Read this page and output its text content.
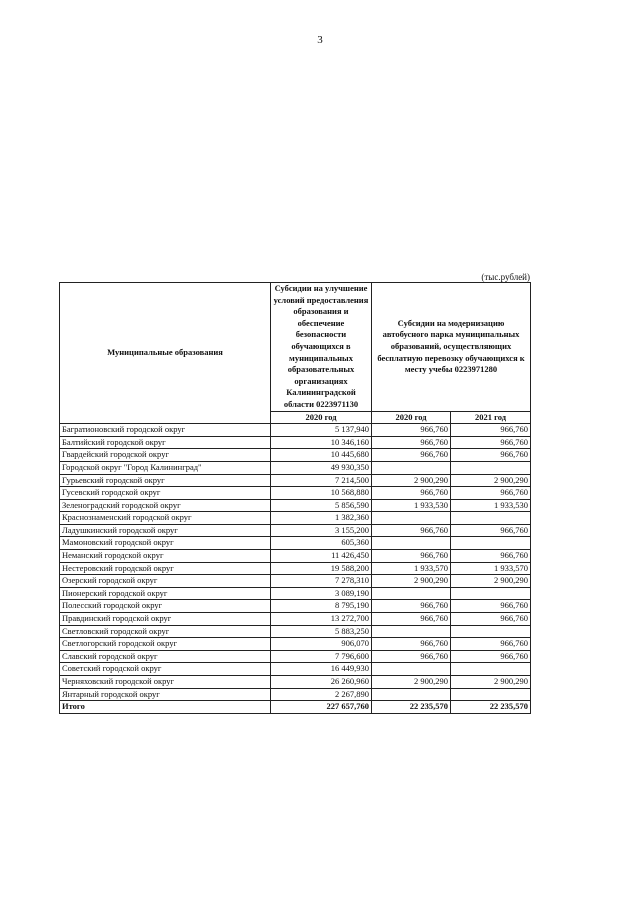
3
(тыс.рублей)
Муниципальные образования	Субсидии на улучшение условий предоставления образования и обеспечение безопасности обучающихся в муниципальных образовательных организациях Калининградской области 0223971130	Субсидии на модернизацию автобусного парка муниципальных образований, осуществляющих бесплатную перевозку обучающихся к месту учебы 0223971280	
	2020 год	2020 год	2021 год
Багратионовский городской округ	5 137,940	966,760	966,760
Балтийский городской округ	10 346,160	966,760	966,760
Гвардейский городской округ	10 445,680	966,760	966,760
Городской округ "Город Калининград"	49 930,350		
Гурьевский городской округ	7 214,500	2 900,290	2 900,290
Гусевский городской округ	10 568,880	966,760	966,760
Зеленоградский городской округ	5 856,590	1 933,530	1 933,530
Краснознаменский городской округ	1 382,360		
Ладушкинский городской округ	3 155,200	966,760	966,760
Мамоновский городской округ	605,360		
Неманский городской округ	11 426,450	966,760	966,760
Нестеровский городской округ	19 588,200	1 933,570	1 933,570
Озерский городской округ	7 278,310	2 900,290	2 900,290
Пионерский городской округ	3 089,190		
Полесский городской округ	8 795,190	966,760	966,760
Правдинский городской округ	13 272,700	966,760	966,760
Светловский городской округ	5 883,250		
Светлогорский городской округ	906,070	966,760	966,760
Славский городской округ	7 796,600	966,760	966,760
Советский городской округ	16 449,930		
Черняховский городской округ	26 260,960	2 900,290	2 900,290
Янтарный городской округ	2 267,890		
Итого	227 657,760	22 235,570	22 235,570
